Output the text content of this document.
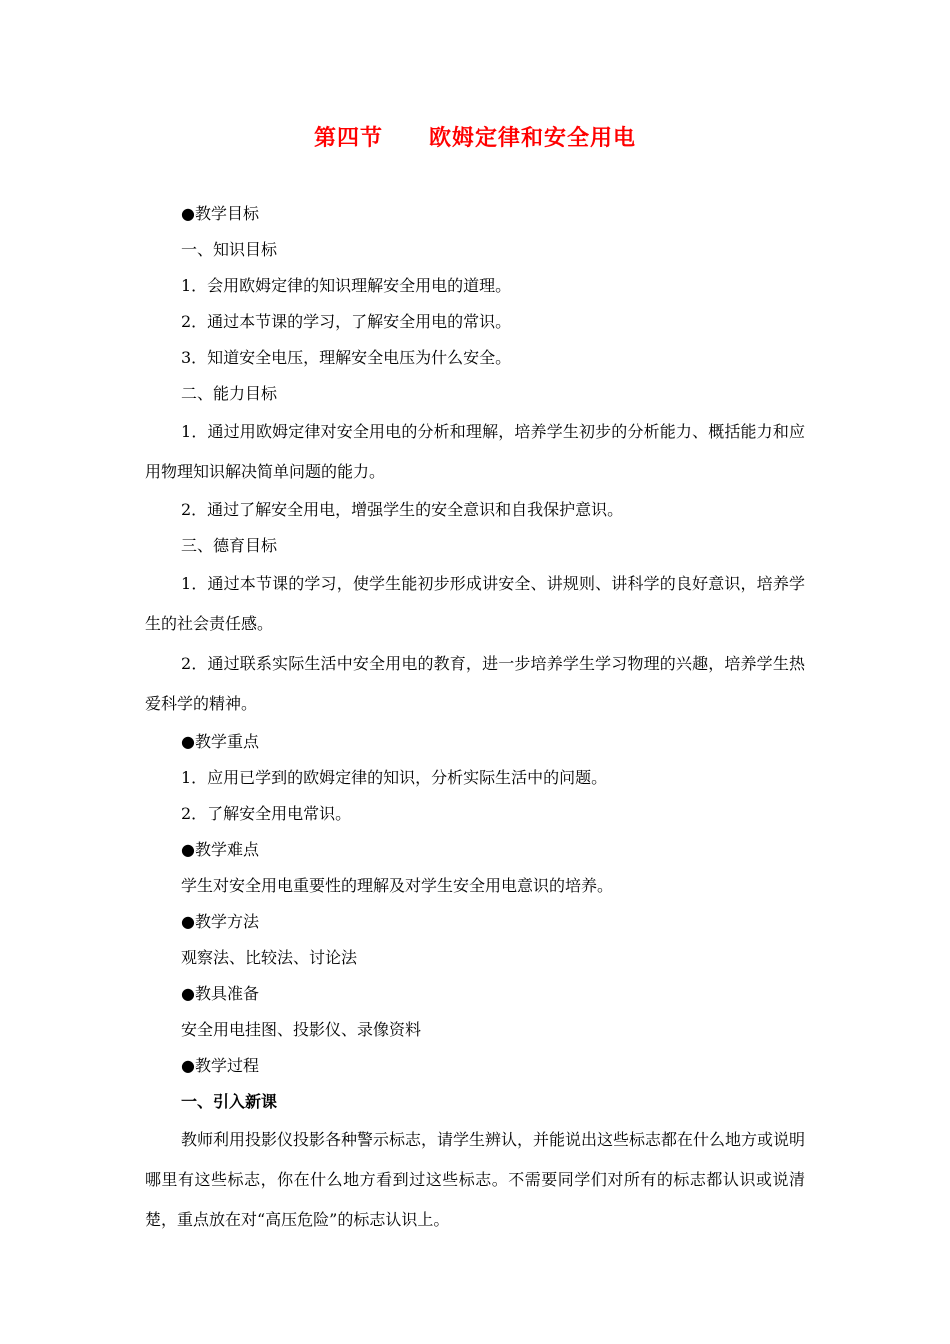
第四节　　欧姆定律和安全用电

●教学目标

一、知识目标

1．会用欧姆定律的知识理解安全用电的道理。

2．通过本节课的学习，了解安全用电的常识。

3．知道安全电压，理解安全电压为什么安全。

二、能力目标

1．通过用欧姆定律对安全用电的分析和理解，培养学生初步的分析能力、概括能力和应用物理知识解决简单问题的能力。

2．通过了解安全用电，增强学生的安全意识和自我保护意识。

三、德育目标

1．通过本节课的学习，使学生能初步形成讲安全、讲规则、讲科学的良好意识，培养学生的社会责任感。

2．通过联系实际生活中安全用电的教育，进一步培养学生学习物理的兴趣，培养学生热爱科学的精神。

●教学重点

1．应用已学到的欧姆定律的知识，分析实际生活中的问题。

2．了解安全用电常识。

●教学难点

学生对安全用电重要性的理解及对学生安全用电意识的培养。

●教学方法

观察法、比较法、讨论法

●教具准备

安全用电挂图、投影仪、录像资料

●教学过程

一、引入新课

教师利用投影仪投影各种警示标志，请学生辨认，并能说出这些标志都在什么地方或说明哪里有这些标志，你在什么地方看到过这些标志。不需要同学们对所有的标志都认识或说清楚，重点放在对“高压危险”的标志认识上。
